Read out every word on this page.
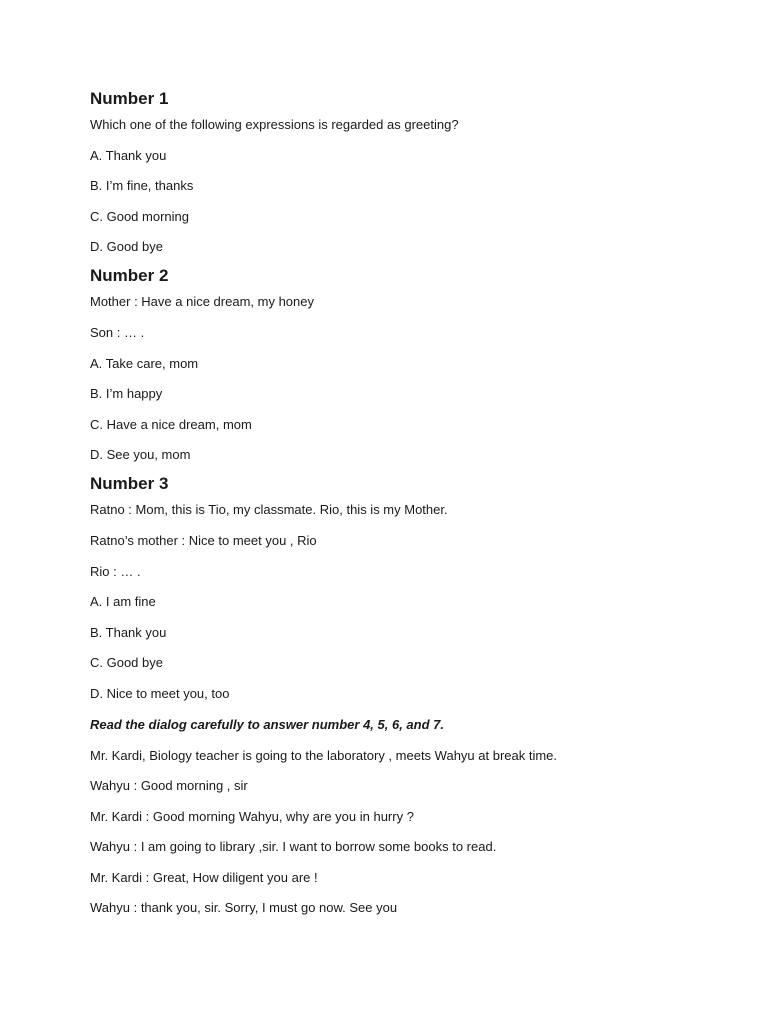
Number 1
Which one of the following expressions is regarded as greeting?
A. Thank you
B. I’m fine, thanks
C. Good morning
D. Good bye
Number 2
Mother : Have a nice dream, my honey
Son : … .
A. Take care, mom
B. I’m happy
C. Have a nice dream, mom
D. See you, mom
Number 3
Ratno : Mom, this is Tio, my classmate. Rio, this is my Mother.
Ratno’s mother : Nice to meet you , Rio
Rio : … .
A. I am fine
B. Thank you
C. Good bye
D. Nice to meet you, too
Read the dialog carefully to answer number 4, 5, 6, and 7.
Mr. Kardi, Biology teacher is going to the laboratory , meets Wahyu at break time.
Wahyu : Good morning , sir
Mr. Kardi : Good morning Wahyu, why are you in hurry ?
Wahyu : I am going to library ,sir. I want to borrow some books to read.
Mr. Kardi : Great, How diligent you are !
Wahyu : thank you, sir. Sorry, I must go now. See you
